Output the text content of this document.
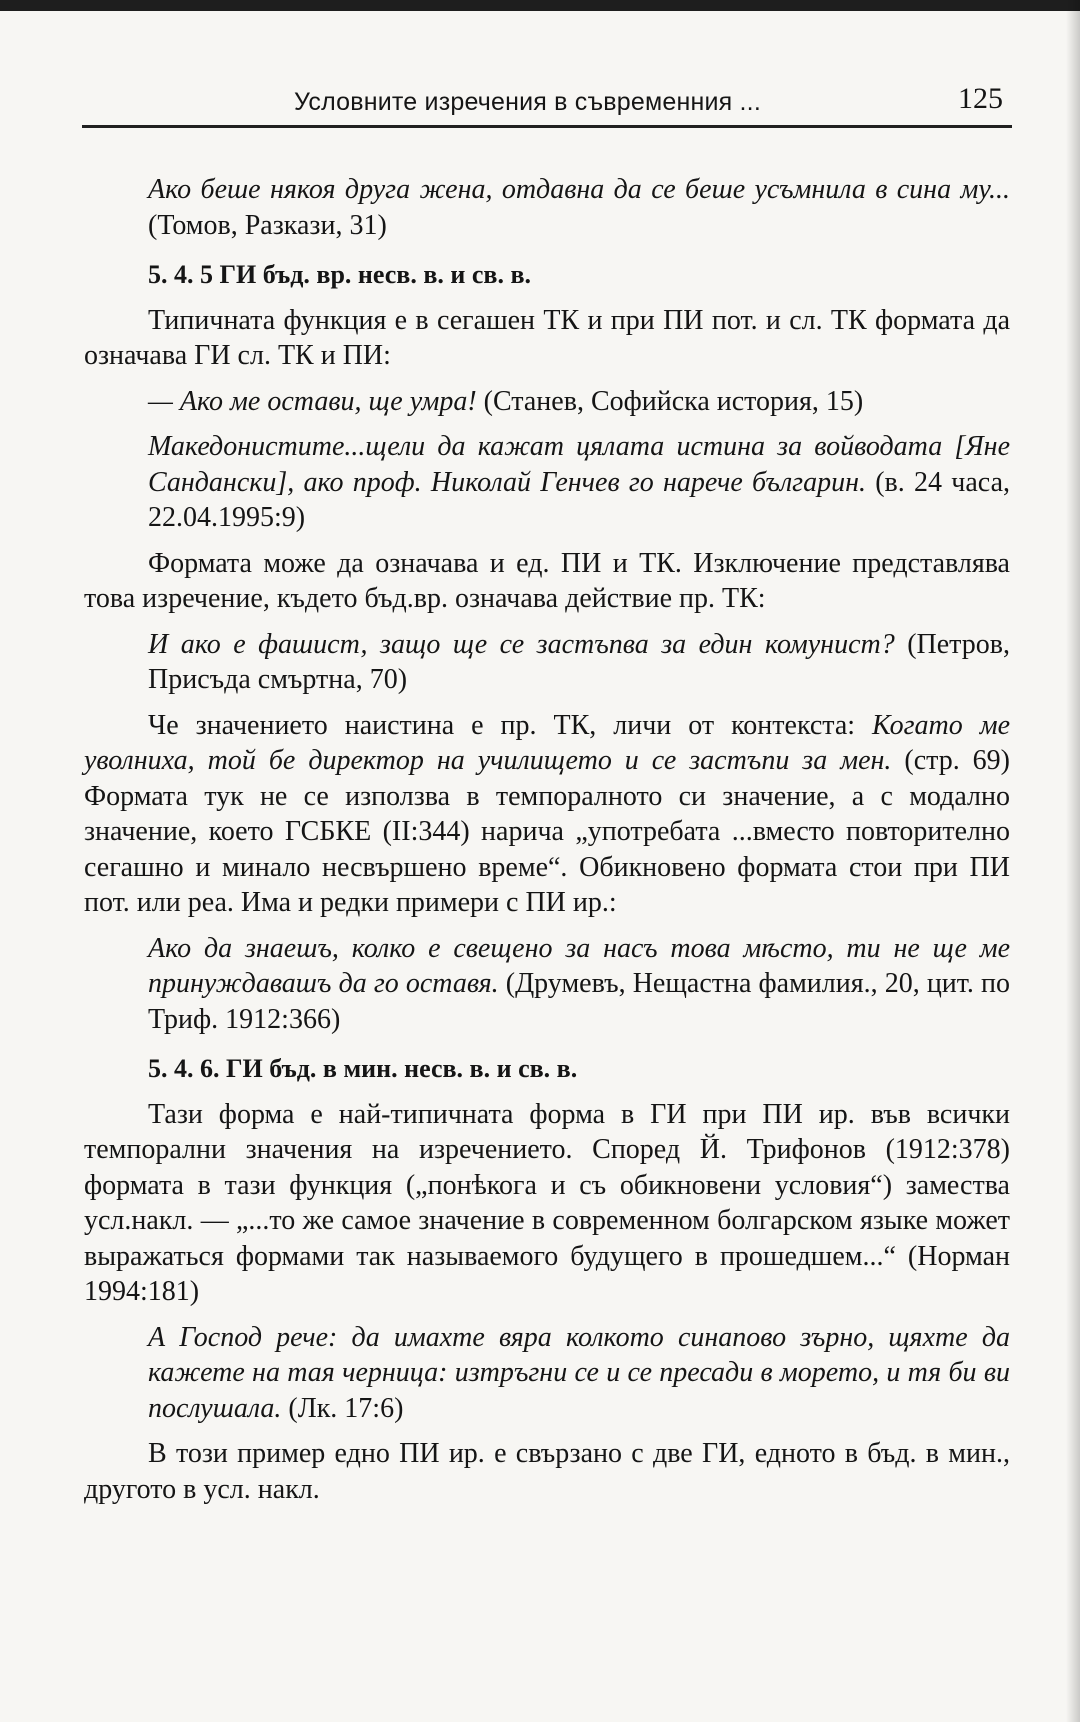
Условните изречения в съвременния ...	125

Ако беше някоя друга жена, отдавна да се беше усъмнила в сина му... (Томов, Разкази, 31)

5. 4. 5 ГИ бъд. вр. несв. в. и св. в.

Типичната функция е в сегашен ТК и при ПИ пот. и сл. ТК формата да означава ГИ сл. ТК и ПИ:

— Ако ме остави, ще умра! (Станев, Софийска история, 15)

Македонистите...щели да кажат цялата истина за войводата [Яне Сандански], ако проф. Николай Генчев го нарече българин. (в. 24 часа, 22.04.1995:9)

Формата може да означава и ед. ПИ и ТК. Изключение представлява това изречение, където бъд.вр. означава действие пр. ТК:

И ако е фашист, защо ще се застъпва за един комунист? (Петров, Присъда смъртна, 70)

Че значението наистина е пр. ТК, личи от контекста: Когато ме уволниха, той бе директор на училището и се застъпи за мен. (стр. 69) Формата тук не се използва в темпоралното си значение, а с модално значение, което ГСБКЕ (II:344) нарича „употребата ...вместо повторително сегашно и минало несвършено време“. Обикновено формата стои при ПИ пот. или реа. Има и редки примери с ПИ ир.:

Ако да знаешъ, колко е свещено за насъ това мѣсто, ти не ще ме принуждавашъ да го оставя. (Друмевъ, Нещастна фамилия., 20, цит. по Триф. 1912:366)

5. 4. 6. ГИ бъд. в мин. несв. в. и св. в.

Тази форма е най-типичната форма в ГИ при ПИ ир. във всички темпорални значения на изречението. Според Й. Трифонов (1912:378) формата в тази функция („понѣкога и съ обикновени условия“) замества усл.накл. — „...то же самое значение в современном болгарском языке может выражаться формами так называемого будущего в прошедшем...“ (Норман 1994:181)

А Господ рече: да имахте вяра колкото синапово зърно, щяхте да кажете на тая черница: изтръгни се и се пресади в морето, и тя би ви послушала. (Лк. 17:6)

В този пример едно ПИ ир. е свързано с две ГИ, едното в бъд. в мин., другото в усл. накл.
